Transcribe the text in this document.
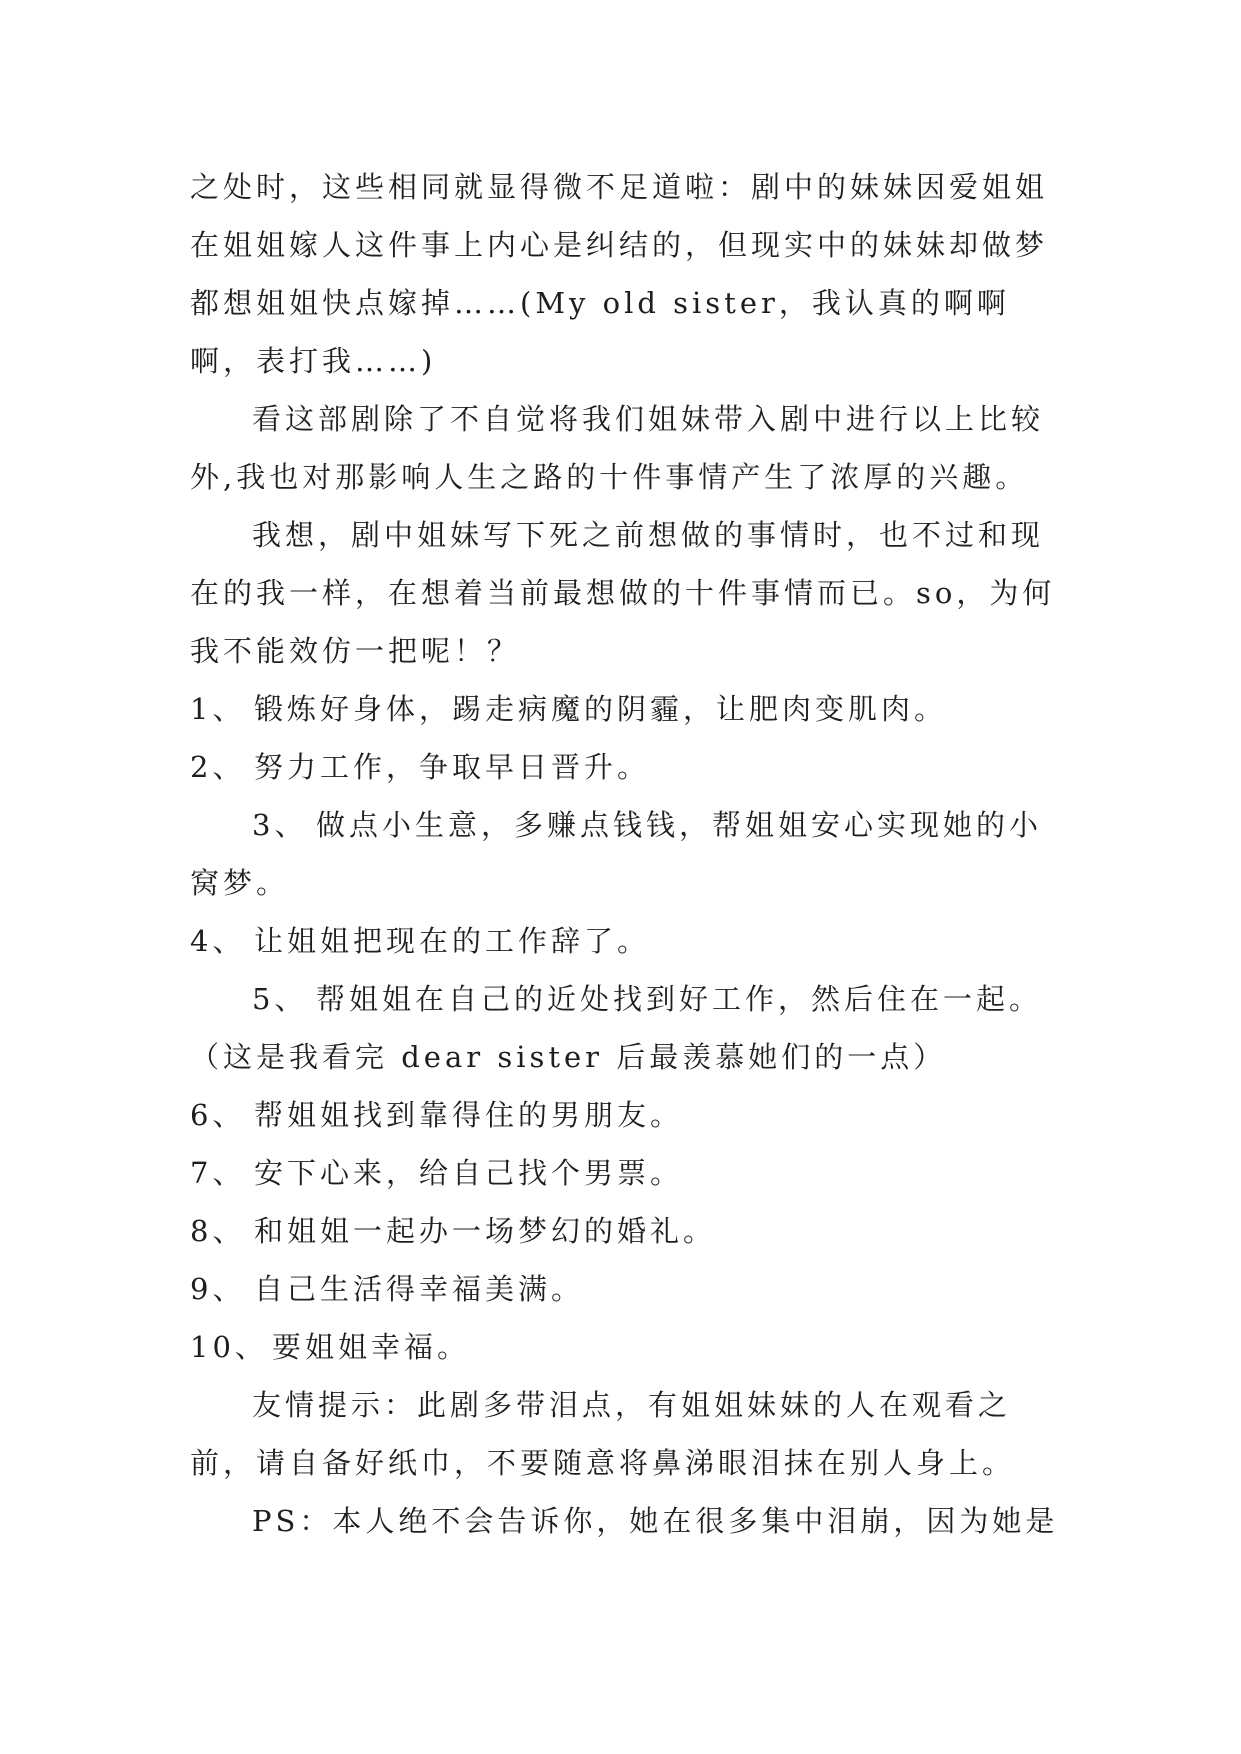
之处时，这些相同就显得微不足道啦：剧中的妹妹因爱姐姐在姐姐嫁人这件事上内心是纠结的，但现实中的妹妹却做梦都想姐姐快点嫁掉……(My old sister，我认真的啊啊啊，表打我……)

看这部剧除了不自觉将我们姐妹带入剧中进行以上比较外,我也对那影响人生之路的十件事情产生了浓厚的兴趣。

我想，剧中姐妹写下死之前想做的事情时，也不过和现在的我一样，在想着当前最想做的十件事情而已。so，为何我不能效仿一把呢！？

1、 锻炼好身体，踢走病魔的阴霾，让肥肉变肌肉。

2、 努力工作，争取早日晋升。

3、 做点小生意，多赚点钱钱，帮姐姐安心实现她的小窝梦。

4、 让姐姐把现在的工作辞了。

5、 帮姐姐在自己的近处找到好工作，然后住在一起。（这是我看完 dear sister 后最羡慕她们的一点）

6、 帮姐姐找到靠得住的男朋友。

7、 安下心来，给自己找个男票。

8、 和姐姐一起办一场梦幻的婚礼。

9、 自己生活得幸福美满。

10、 要姐姐幸福。

友情提示：此剧多带泪点，有姐姐妹妹的人在观看之前，请自备好纸巾，不要随意将鼻涕眼泪抹在别人身上。

PS：本人绝不会告诉你，她在很多集中泪崩，因为她是
